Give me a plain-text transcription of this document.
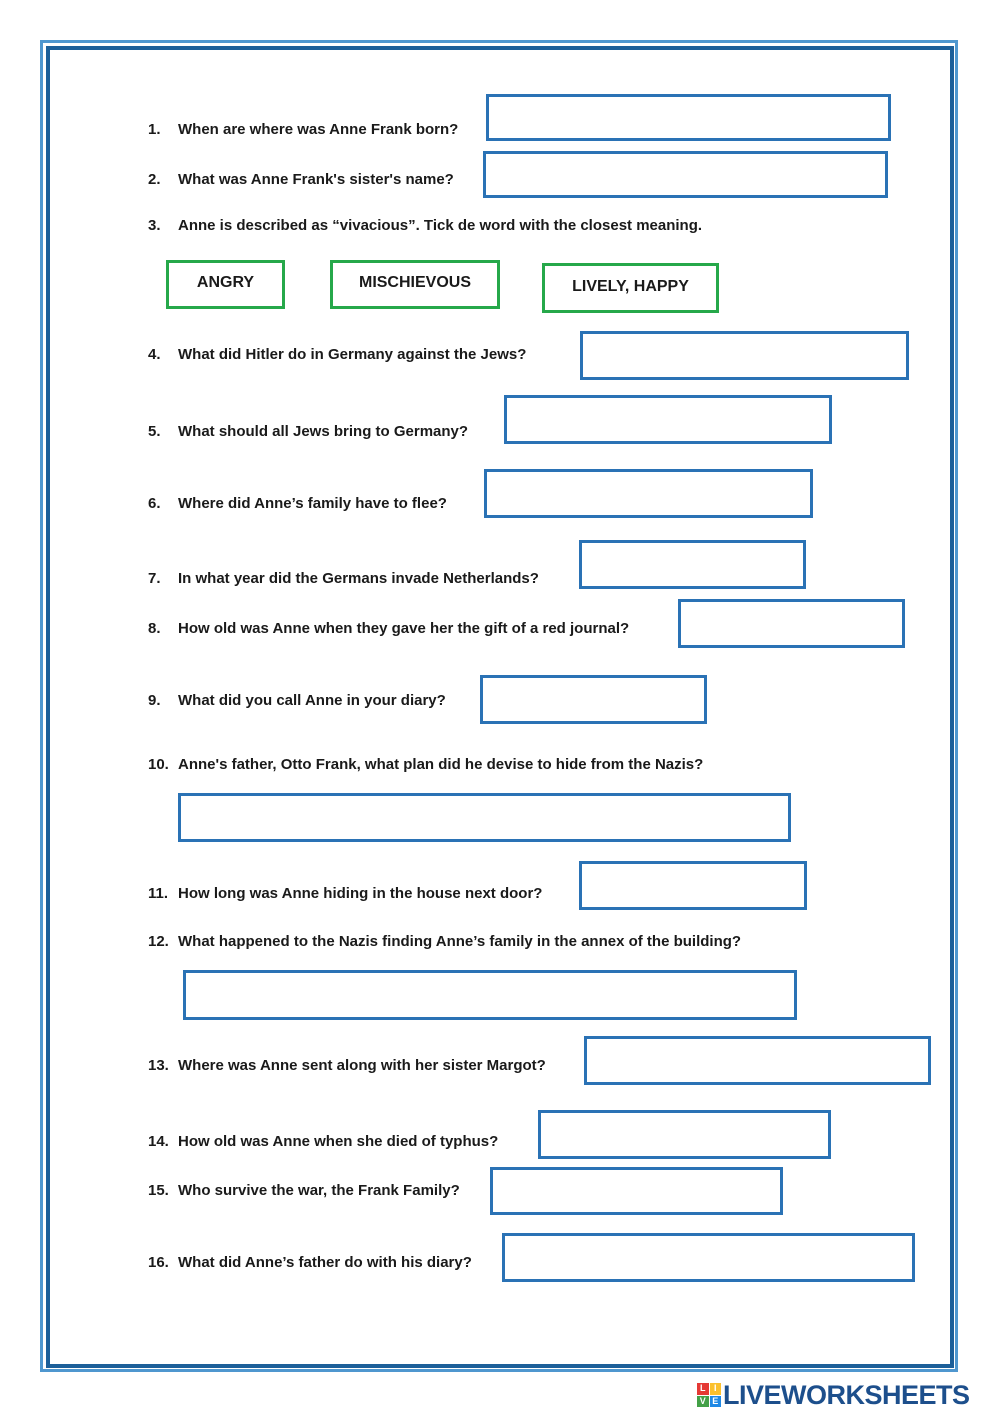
1. When are where was Anne Frank born?
2. What was Anne Frank's sister's name?
3. Anne is described as “vivacious”. Tick de word with the closest meaning.
ANGRY	MISCHIEVOUS	LIVELY, HAPPY
4. What did Hitler do in Germany against the Jews?
5. What should all Jews bring to Germany?
6. Where did Anne’s family have to flee?
7. In what year did the Germans invade Netherlands?
8. How old was Anne when they gave her the gift of a red journal?
9. What did you call Anne in your diary?
10. Anne's father, Otto Frank, what plan did he devise to hide from the Nazis?
11. How long was Anne hiding in the house next door?
12. What happened to the Nazis finding Anne’s family in the annex of the building?
13. Where was Anne sent along with her sister Margot?
14. How old was Anne when she died of typhus?
15. Who survive the war, the Frank Family?
16. What did Anne’s father do with his diary?
L I
V E LIVEWORKSHEETS
